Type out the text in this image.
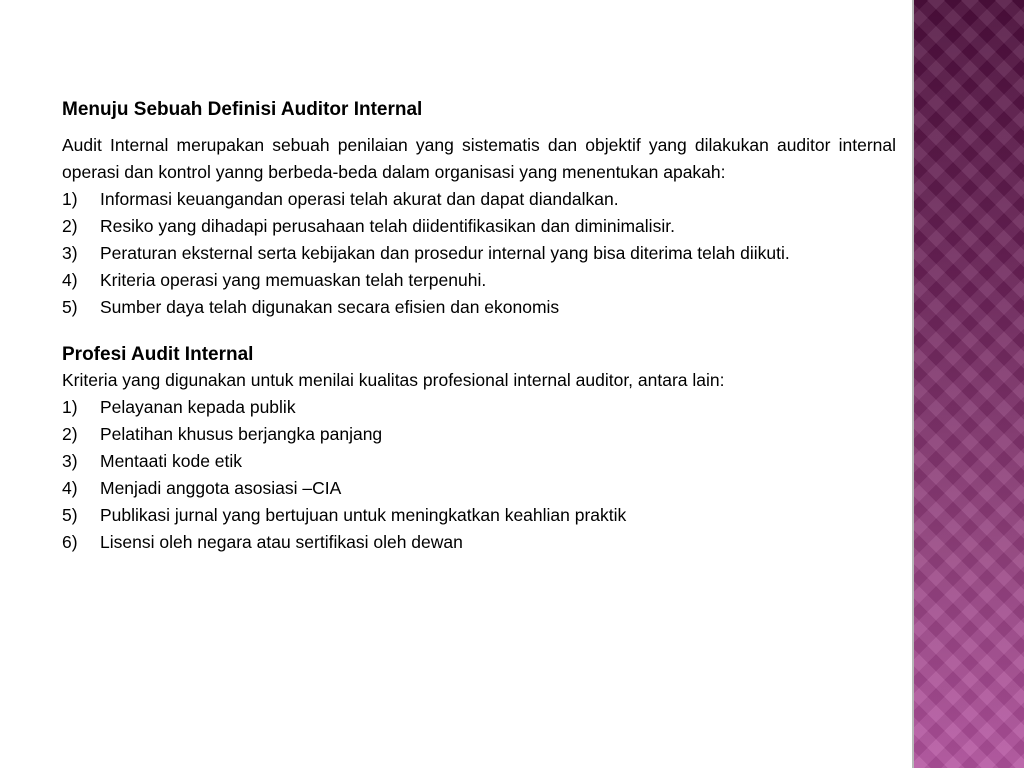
Menuju Sebuah Definisi Auditor Internal

Audit Internal merupakan sebuah penilaian yang sistematis dan objektif yang dilakukan auditor internal operasi dan kontrol yanng berbeda-beda dalam organisasi yang menentukan apakah:

1)	Informasi keuangandan operasi telah akurat dan dapat diandalkan.
2)	Resiko yang dihadapi perusahaan telah diidentifikasikan dan diminimalisir.
3)	Peraturan eksternal serta kebijakan dan prosedur internal yang bisa diterima telah diikuti.
4)	Kriteria operasi yang memuaskan telah terpenuhi.
5)	Sumber daya telah digunakan secara efisien dan ekonomis
Profesi Audit Internal

Kriteria yang digunakan untuk menilai kualitas profesional internal auditor, antara lain:

1)	Pelayanan kepada publik
2)	Pelatihan khusus berjangka panjang
3)	Mentaati kode etik
4)	Menjadi anggota asosiasi –CIA
5)	Publikasi jurnal yang bertujuan untuk meningkatkan keahlian praktik
6)	Lisensi oleh negara atau sertifikasi oleh dewan
